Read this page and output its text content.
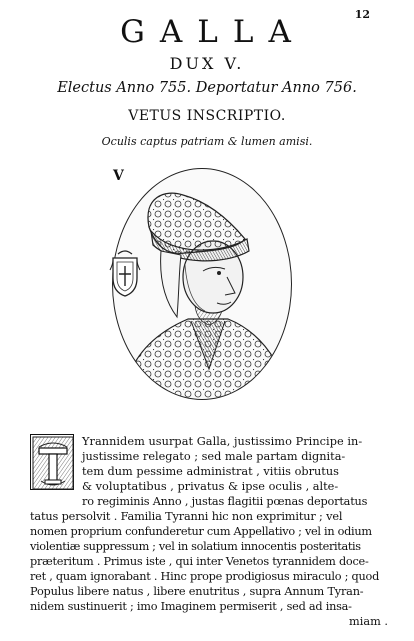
12
GALLA
DUX V.
Electus Anno 755. Deportatur Anno 756.
VETUS INSCRIPTIO.
Oculis captus patriam & lumen amisi.
V
Yrannidem usurpat Galla, justissimo Principe in-
justissime relegato ; sed male partam dignita-
tem dum pessime administrat , vitiis obrutus
& voluptatibus , privatus & ipse oculis , alte-
ro regiminis Anno , justas flagitii pœnas deportatus
tatus persolvit . Familia Tyranni hic non exprimitur ; vel
nomen proprium confunderetur cum Appellativo ; vel in odium
violentiæ suppressum ; vel in solatium innocentis posteritatis
præteritum . Primus iste , qui inter Venetos tyrannidem doce-
ret , quam ignorabant . Hinc prope prodigiosus miraculo ; quod
Populus libere natus , libere enutritus , supra Annum Tyran-
nidem sustinuerit ; imo Imaginem permiserit , sed ad insa-
miam .
